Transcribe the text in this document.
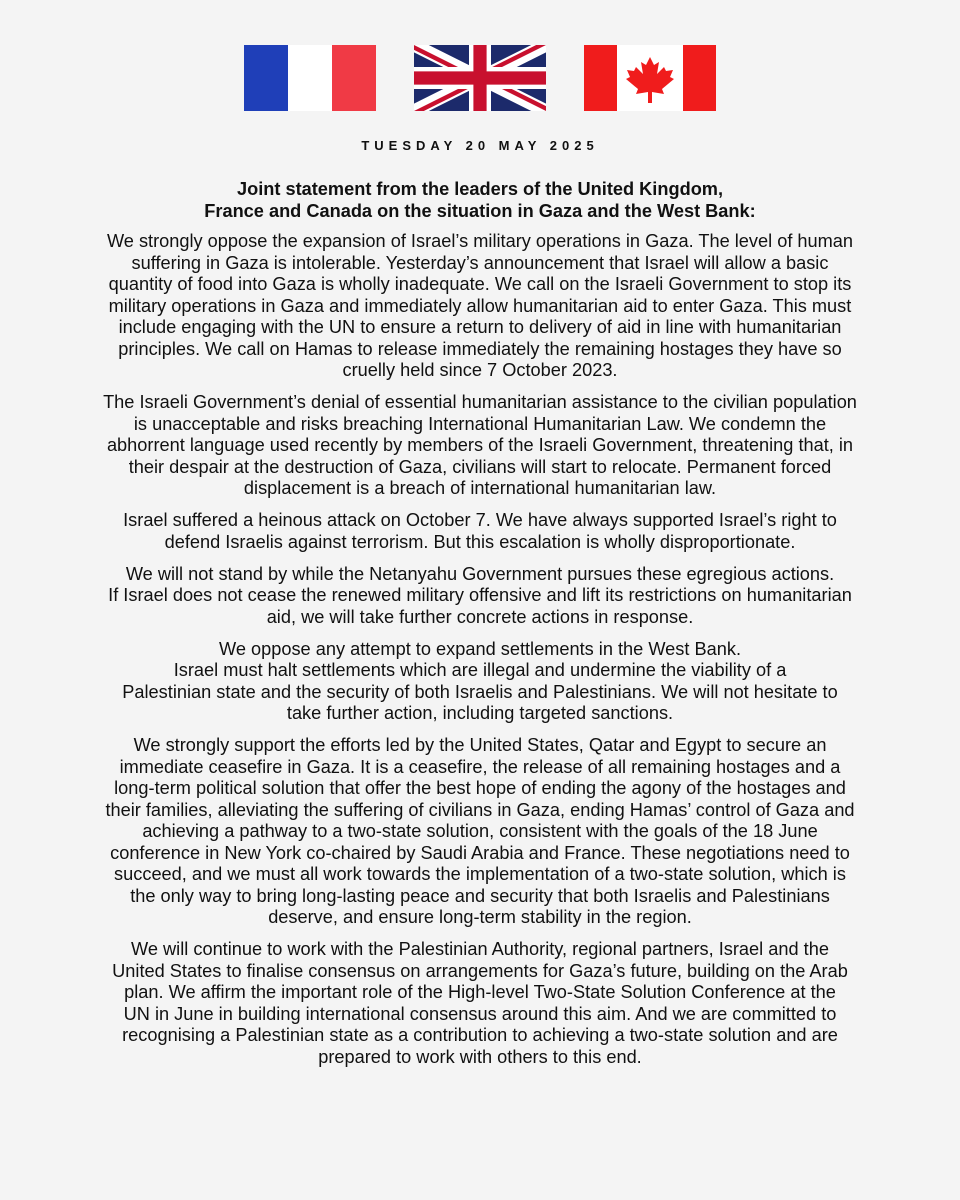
TUESDAY 20 MAY 2025
Joint statement from the leaders of the United Kingdom,
France and Canada on the situation in Gaza and the West Bank:
We strongly oppose the expansion of Israel’s military operations in Gaza. The level of human
suffering in Gaza is intolerable. Yesterday’s announcement that Israel will allow a basic
quantity of food into Gaza is wholly inadequate. We call on the Israeli Government to stop its
military operations in Gaza and immediately allow humanitarian aid to enter Gaza. This must
include engaging with the UN to ensure a return to delivery of aid in line with humanitarian
principles. We call on Hamas to release immediately the remaining hostages they have so
cruelly held since 7 October 2023.
The Israeli Government’s denial of essential humanitarian assistance to the civilian population
is unacceptable and risks breaching International Humanitarian Law. We condemn the
abhorrent language used recently by members of the Israeli Government, threatening that, in
their despair at the destruction of Gaza, civilians will start to relocate. Permanent forced
displacement is a breach of international humanitarian law.
Israel suffered a heinous attack on October 7. We have always supported Israel’s right to
defend Israelis against terrorism. But this escalation is wholly disproportionate.
We will not stand by while the Netanyahu Government pursues these egregious actions.
If Israel does not cease the renewed military offensive and lift its restrictions on humanitarian
aid, we will take further concrete actions in response.
We oppose any attempt to expand settlements in the West Bank.
Israel must halt settlements which are illegal and undermine the viability of a
Palestinian state and the security of both Israelis and Palestinians. We will not hesitate to
take further action, including targeted sanctions.
We strongly support the efforts led by the United States, Qatar and Egypt to secure an
immediate ceasefire in Gaza. It is a ceasefire, the release of all remaining hostages and a
long-term political solution that offer the best hope of ending the agony of the hostages and
their families, alleviating the suffering of civilians in Gaza, ending Hamas’ control of Gaza and
achieving a pathway to a two-state solution, consistent with the goals of the 18 June
conference in New York co-chaired by Saudi Arabia and France. These negotiations need to
succeed, and we must all work towards the implementation of a two-state solution, which is
the only way to bring long-lasting peace and security that both Israelis and Palestinians
deserve, and ensure long-term stability in the region.
We will continue to work with the Palestinian Authority, regional partners, Israel and the
United States to finalise consensus on arrangements for Gaza’s future, building on the Arab
plan. We affirm the important role of the High-level Two-State Solution Conference at the
UN in June in building international consensus around this aim. And we are committed to
recognising a Palestinian state as a contribution to achieving a two-state solution and are
prepared to work with others to this end.
